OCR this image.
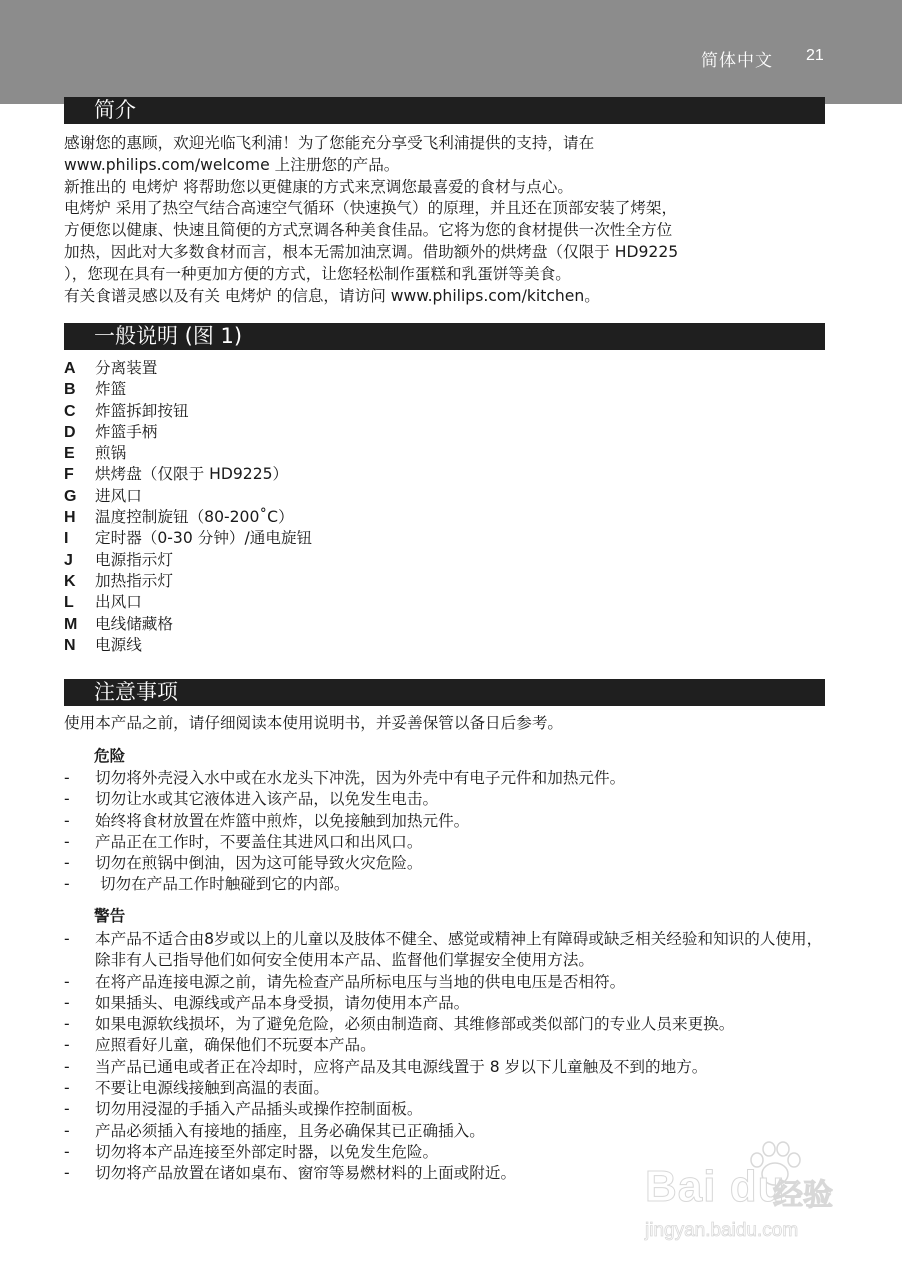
简体中文 21
简介
感谢您的惠顾，欢迎光临飞利浦！为了您能充分享受飞利浦提供的支持，请在
www.philips.com/welcome 上注册您的产品。
新推出的 电烤炉 将帮助您以更健康的方式来烹调您最喜爱的食材与点心。
电烤炉 采用了热空气结合高速空气循环（快速换气）的原理，并且还在顶部安装了烤架，
方便您以健康、快速且简便的方式烹调各种美食佳品。它将为您的食材提供一次性全方位
加热，因此对大多数食材而言，根本无需加油烹调。借助额外的烘烤盘（仅限于 HD9225
），您现在具有一种更加方便的方式，让您轻松制作蛋糕和乳蛋饼等美食。
有关食谱灵感以及有关 电烤炉 的信息，请访问 www.philips.com/kitchen。
一般说明 (图 1)
A 分离装置
B 炸篮
C 炸篮拆卸按钮
D 炸篮手柄
E 煎锅
F 烘烤盘（仅限于 HD9225）
G 进风口
H 温度控制旋钮（80-200˚C）
I 定时器（0-30 分钟）/通电旋钮
J 电源指示灯
K 加热指示灯
L 出风口
M 电线储藏格
N 电源线
注意事项
使用本产品之前，请仔细阅读本使用说明书，并妥善保管以备日后参考。
危险
- 切勿将外壳浸入水中或在水龙头下冲洗，因为外壳中有电子元件和加热元件。
- 切勿让水或其它液体进入该产品，以免发生电击。
- 始终将食材放置在炸篮中煎炸，以免接触到加热元件。
- 产品正在工作时，不要盖住其进风口和出风口。
- 切勿在煎锅中倒油，因为这可能导致火灾危险。
- 切勿在产品工作时触碰到它的内部。
警告
- 本产品不适合由8岁或以上的儿童以及肢体不健全、感觉或精神上有障碍或缺乏相关经验和知识的人使用，除非有人已指导他们如何安全使用本产品、监督他们掌握安全使用方法。
- 在将产品连接电源之前，请先检查产品所标电压与当地的供电电压是否相符。
- 如果插头、电源线或产品本身受损，请勿使用本产品。
- 如果电源软线损坏，为了避免危险，必须由制造商、其维修部或类似部门的专业人员来更换。
- 应照看好儿童，确保他们不玩耍本产品。
- 当产品已通电或者正在冷却时，应将产品及其电源线置于 8 岁以下儿童触及不到的地方。
- 不要让电源线接触到高温的表面。
- 切勿用浸湿的手插入产品插头或操作控制面板。
- 产品必须插入有接地的插座，且务必确保其已正确插入。
- 切勿将本产品连接至外部定时器，以免发生危险。
- 切勿将产品放置在诸如桌布、窗帘等易燃材料的上面或附近。	Bai du
经验
jingyan.baidu.com
